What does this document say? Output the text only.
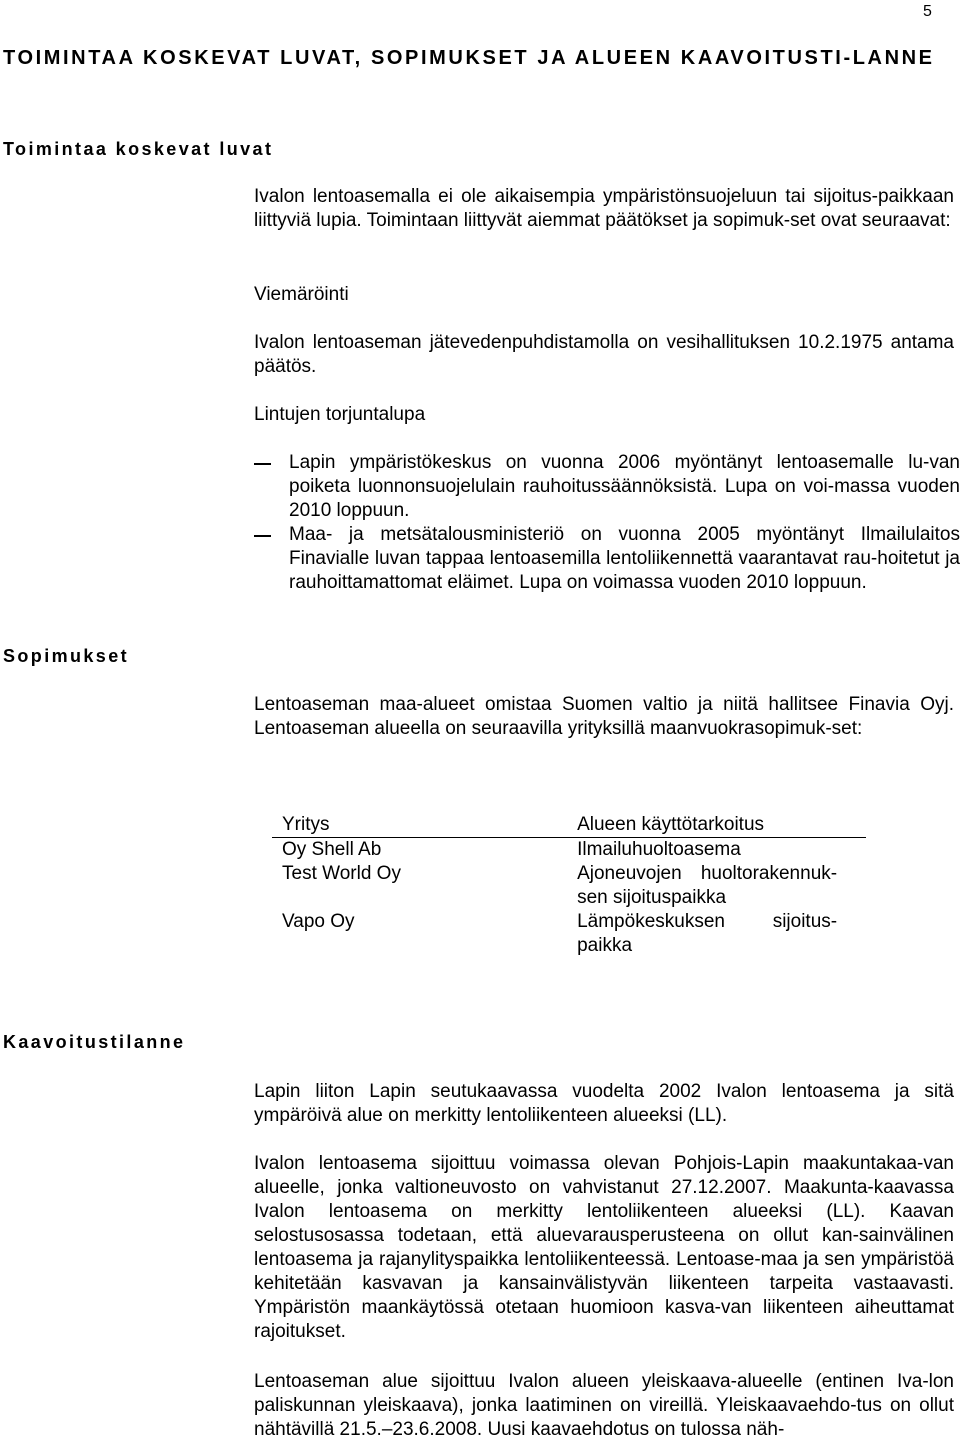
5
TOIMINTAA KOSKEVAT LUVAT, SOPIMUKSET JA ALUEEN KAAVOITUSTI-LANNE
Toimintaa koskevat luvat

Ivalon lentoasemalla ei ole aikaisempia ympäristönsuojeluun tai sijoitus-paikkaan liittyviä lupia. Toimintaan liittyvät aiemmat päätökset ja sopimuk-set ovat seuraavat:

Viemäröinti
Ivalon lentoaseman jätevedenpuhdistamolla on vesihallituksen 10.2.1975 antama päätös.
Lintujen torjuntalupa
Lapin ympäristökeskus on vuonna 2006 myöntänyt lentoasemalle lu-van poiketa luonnonsuojelulain rauhoitussäännöksistä. Lupa on voi-massa vuoden 2010 loppuun.
Maa- ja metsätalousministeriö on vuonna 2005 myöntänyt Ilmailulaitos Finavialle luvan tappaa lentoasemilla lentoliikennettä vaarantavat rau-hoitetut ja rauhoittamattomat eläimet. Lupa on voimassa vuoden 2010 loppuun.
Sopimukset
Lentoaseman maa-alueet omistaa Suomen valtio ja niitä hallitsee Finavia Oyj. Lentoaseman alueella on seuraavilla yrityksillä maanvuokrasopimuk-set:
Yritys	Alueen käyttötarkoitus
Oy Shell Ab	Ilmailuhuoltoasema
Test World Oy	Ajoneuvojen huoltorakennuk-sen sijoituspaikka

Vapo Oy	Lämpökeskuksen sijoitus-paikka
Kaavoitustilanne
Lapin liiton Lapin seutukaavassa vuodelta 2002 Ivalon lentoasema ja sitä ympäröivä alue on merkitty lentoliikenteen alueeksi (LL).
Ivalon lentoasema sijoittuu voimassa olevan Pohjois-Lapin maakuntakaa-van alueelle, jonka valtioneuvosto on vahvistanut 27.12.2007. Maakunta-kaavassa Ivalon lentoasema on merkitty lentoliikenteen alueeksi (LL). Kaavan selostusosassa todetaan, että aluevarausperusteena on ollut kan-sainvälinen lentoasema ja rajanylityspaikka lentoliikenteessä. Lentoase-maa ja sen ympäristöä kehitetään kasvavan ja kansainvälistyvän liikenteen tarpeita vastaavasti. Ympäristön maankäytössä otetaan huomioon kasva-van liikenteen aiheuttamat rajoitukset.
Lentoaseman alue sijoittuu Ivalon alueen yleiskaava-alueelle (entinen Iva-lon paliskunnan yleiskaava), jonka laatiminen on vireillä. Yleiskaavaehdo-tus on ollut nähtävillä 21.5.–23.6.2008. Uusi kaavaehdotus on tulossa näh-
